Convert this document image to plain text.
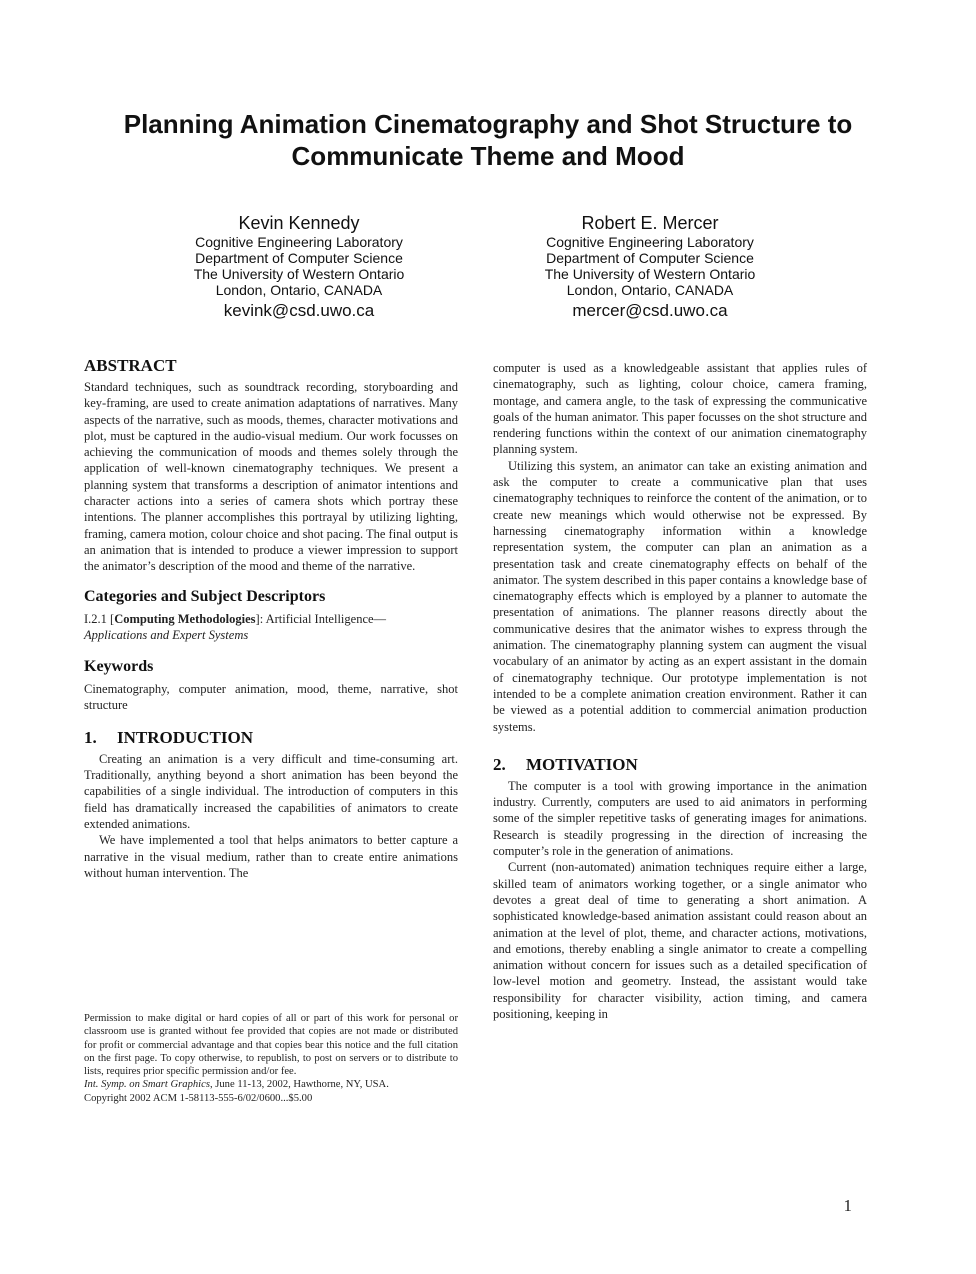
Planning Animation Cinematography and Shot Structure to
Communicate Theme and Mood
Kevin Kennedy
Cognitive Engineering Laboratory
Department of Computer Science
The University of Western Ontario
London, Ontario, CANADA
kevink@csd.uwo.ca
Robert E. Mercer
Cognitive Engineering Laboratory
Department of Computer Science
The University of Western Ontario
London, Ontario, CANADA
mercer@csd.uwo.ca
ABSTRACT

Standard techniques, such as soundtrack recording, storyboarding and key-framing, are used to create animation adaptations of narratives. Many aspects of the narrative, such as moods, themes, character motivations and plot, must be captured in the audio-visual medium. Our work focusses on achieving the communication of moods and themes solely through the application of well-known cinematography techniques. We present a planning system that transforms a description of animator intentions and character actions into a series of camera shots which portray these intentions. The planner accomplishes this portrayal by utilizing lighting, framing, camera motion, colour choice and shot pacing. The final output is an animation that is intended to produce a viewer impression to support the animator’s description of the mood and theme of the narrative.

Categories and Subject Descriptors

I.2.1 [Computing Methodologies]: Artificial Intelligence—
Applications and Expert Systems

Keywords

Cinematography, computer animation, mood, theme, narrative, shot structure

1. INTRODUCTION

Creating an animation is a very difficult and time-consuming art. Traditionally, anything beyond a short animation has been beyond the capabilities of a single individual. The introduction of computers in this field has dramatically increased the capabilities of animators to create extended animations.

We have implemented a tool that helps animators to better capture a narrative in the visual medium, rather than to create entire animations without human intervention. The

Permission to make digital or hard copies of all or part of this work for personal or classroom use is granted without fee provided that copies are not made or distributed for profit or commercial advantage and that copies bear this notice and the full citation on the first page. To copy otherwise, to republish, to post on servers or to distribute to lists, requires prior specific permission and/or fee.

Int. Symp. on Smart Graphics, June 11-13, 2002, Hawthorne, NY, USA.
Copyright 2002 ACM 1-58113-555-6/02/0600...$5.00

computer is used as a knowledgeable assistant that applies rules of cinematography, such as lighting, colour choice, camera framing, montage, and camera angle, to the task of expressing the communicative goals of the human animator. This paper focusses on the shot structure and rendering functions within the context of our animation cinematography planning system.

Utilizing this system, an animator can take an existing animation and ask the computer to create a communicative plan that uses cinematography techniques to reinforce the content of the animation, or to create new meanings which would otherwise not be expressed. By harnessing cinematography information within a knowledge representation system, the computer can plan an animation as a presentation task and create cinematography effects on behalf of the animator. The system described in this paper contains a knowledge base of cinematography effects which is employed by a planner to automate the presentation of animations. The planner reasons directly about the communicative desires that the animator wishes to express through the animation. The cinematography planning system can augment the visual vocabulary of an animator by acting as an expert assistant in the domain of cinematography technique. Our prototype implementation is not intended to be a complete animation creation environment. Rather it can be viewed as a potential addition to commercial animation production systems.

2. MOTIVATION

The computer is a tool with growing importance in the animation industry. Currently, computers are used to aid animators in performing some of the simpler repetitive tasks of generating images for animations. Research is steadily progressing in the direction of increasing the computer’s role in the generation of animations.

Current (non-automated) animation techniques require either a large, skilled team of animators working together, or a single animator who devotes a great deal of time to generating a short animation. A sophisticated knowledge-based animation assistant could reason about an animation at the level of plot, theme, and character actions, motivations, and emotions, thereby enabling a single animator to create a compelling animation without concern for issues such as a detailed specification of low-level motion and geometry. Instead, the assistant would take responsibility for character visibility, action timing, and camera positioning, keeping in

1
